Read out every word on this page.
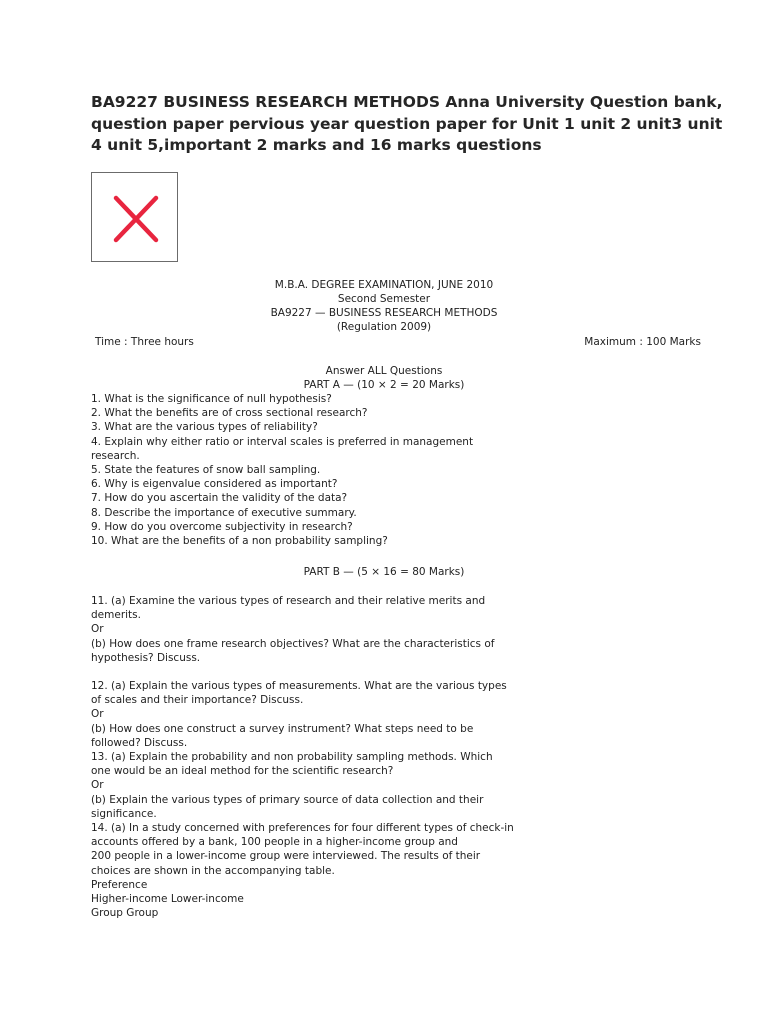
BA9227 BUSINESS RESEARCH METHODS Anna University Question bank,
question paper pervious year question paper for Unit 1 unit 2 unit3 unit
4 unit 5,important 2 marks and 16 marks questions

M.B.A. DEGREE EXAMINATION, JUNE 2010

Second Semester

BA9227 — BUSINESS RESEARCH METHODS

(Regulation 2009)

Time : Three hours	Maximum : 100 Marks

Answer ALL Questions

PART A — (10 × 2 = 20 Marks)

1. What is the significance of null hypothesis?
2. What the benefits are of cross sectional research?
3. What are the various types of reliability?
4. Explain why either ratio or interval scales is preferred in management
research.
5. State the features of snow ball sampling.
6. Why is eigenvalue considered as important?
7. How do you ascertain the validity of the data?
8. Describe the importance of executive summary.
9. How do you overcome subjectivity in research?
10. What are the benefits of a non probability sampling?

PART B — (5 × 16 = 80 Marks)

11. (a) Examine the various types of research and their relative merits and
demerits.
Or
(b) How does one frame research objectives? What are the characteristics of
hypothesis? Discuss.
12. (a) Explain the various types of measurements. What are the various types
of scales and their importance? Discuss.
Or
(b) How does one construct a survey instrument? What steps need to be
followed? Discuss.
13. (a) Explain the probability and non probability sampling methods. Which
one would be an ideal method for the scientific research?
Or
(b) Explain the various types of primary source of data collection and their
significance.
14. (a) In a study concerned with preferences for four different types of check-in
accounts offered by a bank, 100 people in a higher-income group and
200 people in a lower-income group were interviewed. The results of their
choices are shown in the accompanying table.
Preference
Higher-income Lower-income
Group Group
